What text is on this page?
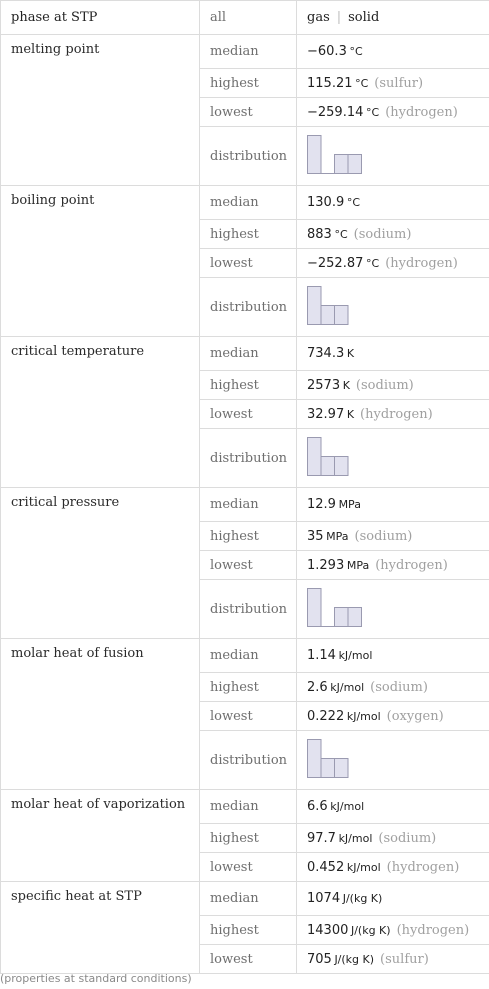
phase at STP	all	gas | solid
melting point	median	−60.3  °C
	highest	115.21  °C (sulfur)
	lowest	−259.14  °C (hydrogen)
	distribution	

boiling point	median	130.9  °C
	highest	883  °C (sodium)
	lowest	−252.87  °C (hydrogen)
	distribution	

critical temperature	median	734.3  K
	highest	2573  K (sodium)
	lowest	32.97  K (hydrogen)
	distribution	

critical pressure	median	12.9  MPa
	highest	35  MPa (sodium)
	lowest	1.293  MPa (hydrogen)
	distribution	

molar heat of fusion	median	1.14  kJ/mol
	highest	2.6  kJ/mol (sodium)
	lowest	0.222  kJ/mol (oxygen)
	distribution	

molar heat of vaporization	median	6.6  kJ/mol
	highest	97.7  kJ/mol (sodium)
	lowest	0.452  kJ/mol (hydrogen)
specific heat at STP	median	1074  J/(kg K)
	highest	14300  J/(kg K) (hydrogen)
	lowest	705  J/(kg K) (sulfur)
(properties at standard conditions)
